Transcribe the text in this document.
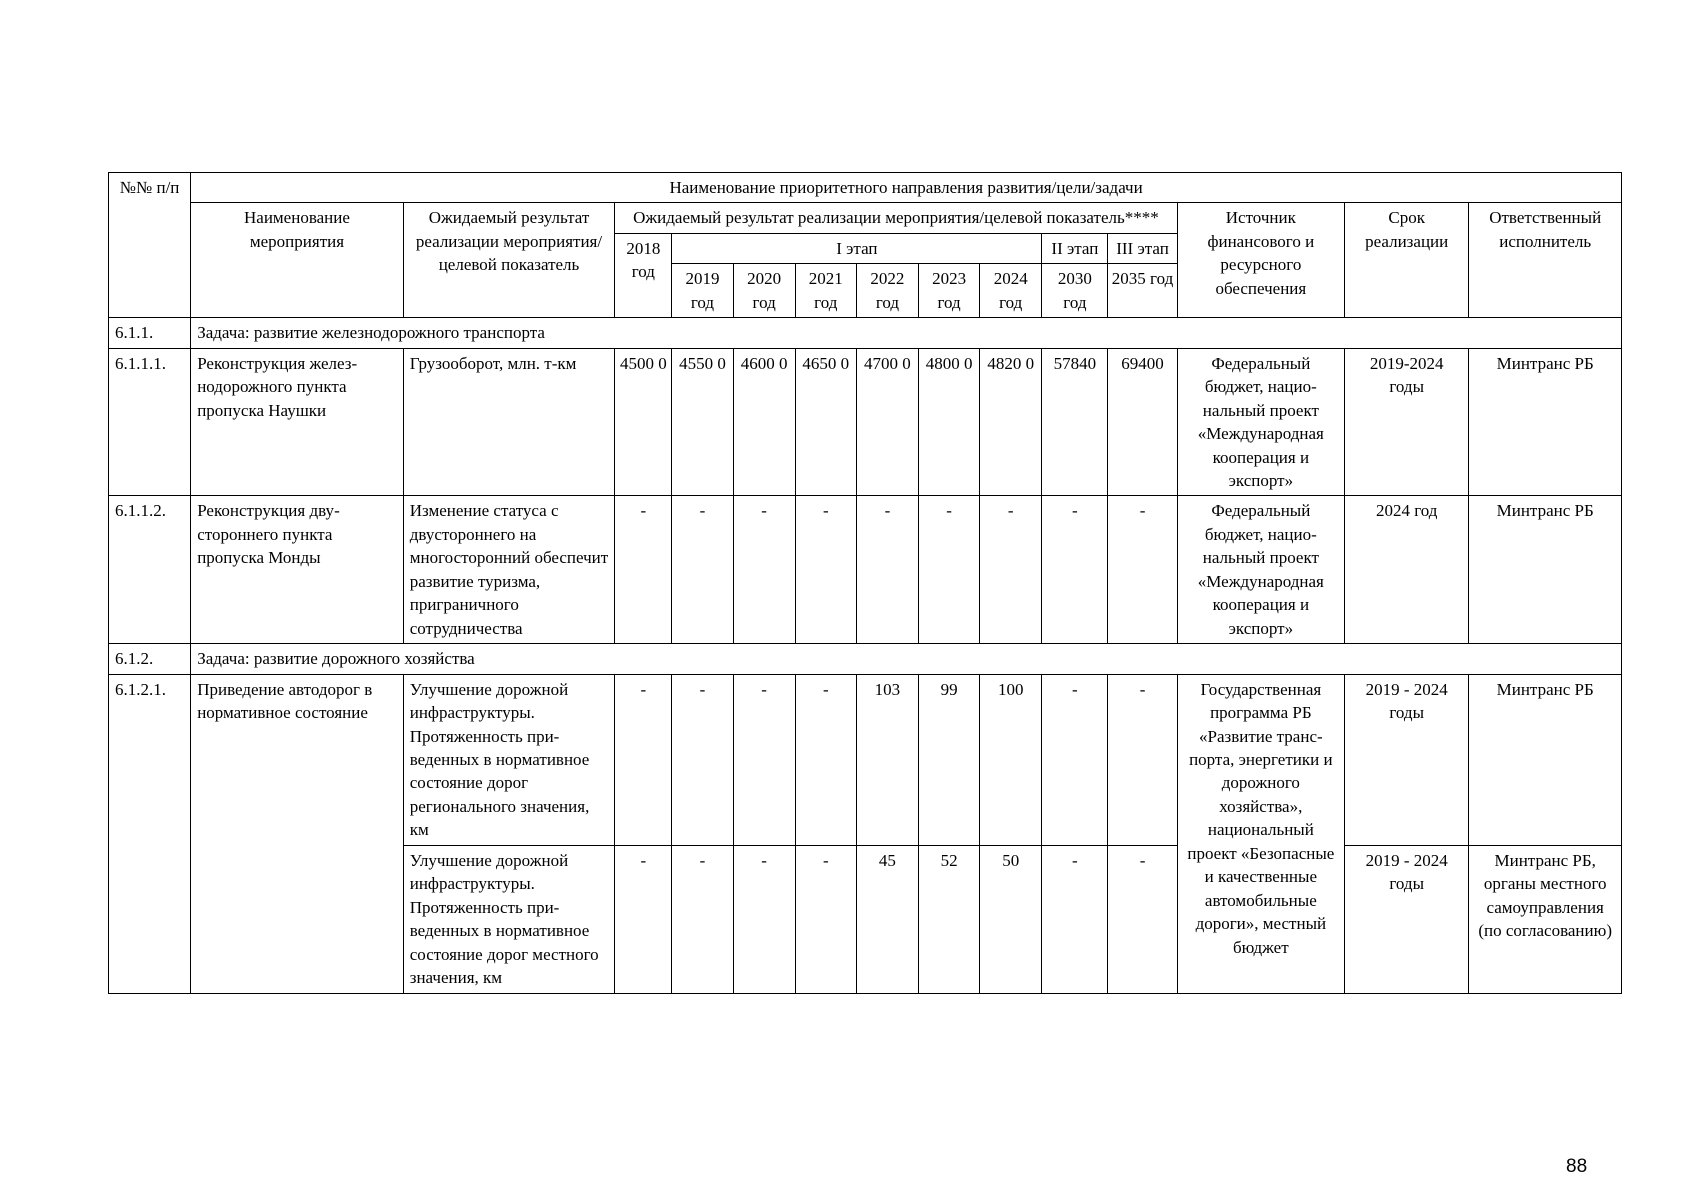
№№ п/п	Наименование приоритетного направления развития/цели/задачи													
	Наименование мероприятия	Ожидаемый результат реализации мероприятия/целевой показатель	Ожидаемый результат реализации мероприятия/целевой показатель****									Источник финансового и ресурсного обеспечения	Срок реализации	Ответственный исполнитель
			2018 год	I этап						II этап	III этап			
				2019 год	2020 год	2021 год	2022 год	2023 год	2024 год	2030 год	2035 год			
6.1.1.	Задача: развитие железнодорожного транспорта													
6.1.1.1.	Реконструкция железнодорожного пункта пропуска Наушки	Грузооборот, млн. т-км	4500 0	4550 0	4600 0	4650 0	4700 0	4800 0	4820 0	57840	69400	Федеральный бюджет, национальный проект «Международная кооперация и экспорт»	2019-2024 годы	Минтранс РБ
6.1.1.2.	Реконструкция двустороннего пункта пропуска Монды	Изменение статуса с двустороннего на многосторонний обеспечит развитие туризма, приграничного сотрудничества	-	-	-	-	-	-	-	-	-	Федеральный бюджет, национальный проект «Международная кооперация и экспорт»	2024 год	Минтранс РБ
6.1.2.	Задача: развитие дорожного хозяйства													
6.1.2.1.	Приведение автодорог в нормативное состояние	Улучшение дорожной инфраструктуры. Протяженность приведенных в нормативное состояние дорог регионального значения, км	-	-	-	-	103	99	100	-	-	Государственная программа РБ «Развитие транспорта, энергетики и дорожного хозяйства», национальный проект «Безопасные и качественные автомобильные дороги», местный бюджет	2019 - 2024 годы	Минтранс РБ
		Улучшение дорожной инфраструктуры. Протяженность приведенных в нормативное состояние дорог местного значения, км	-	-	-	-	45	52	50	-	-		2019 - 2024 годы	Минтранс РБ, органы местного самоуправления (по согласованию)
88
